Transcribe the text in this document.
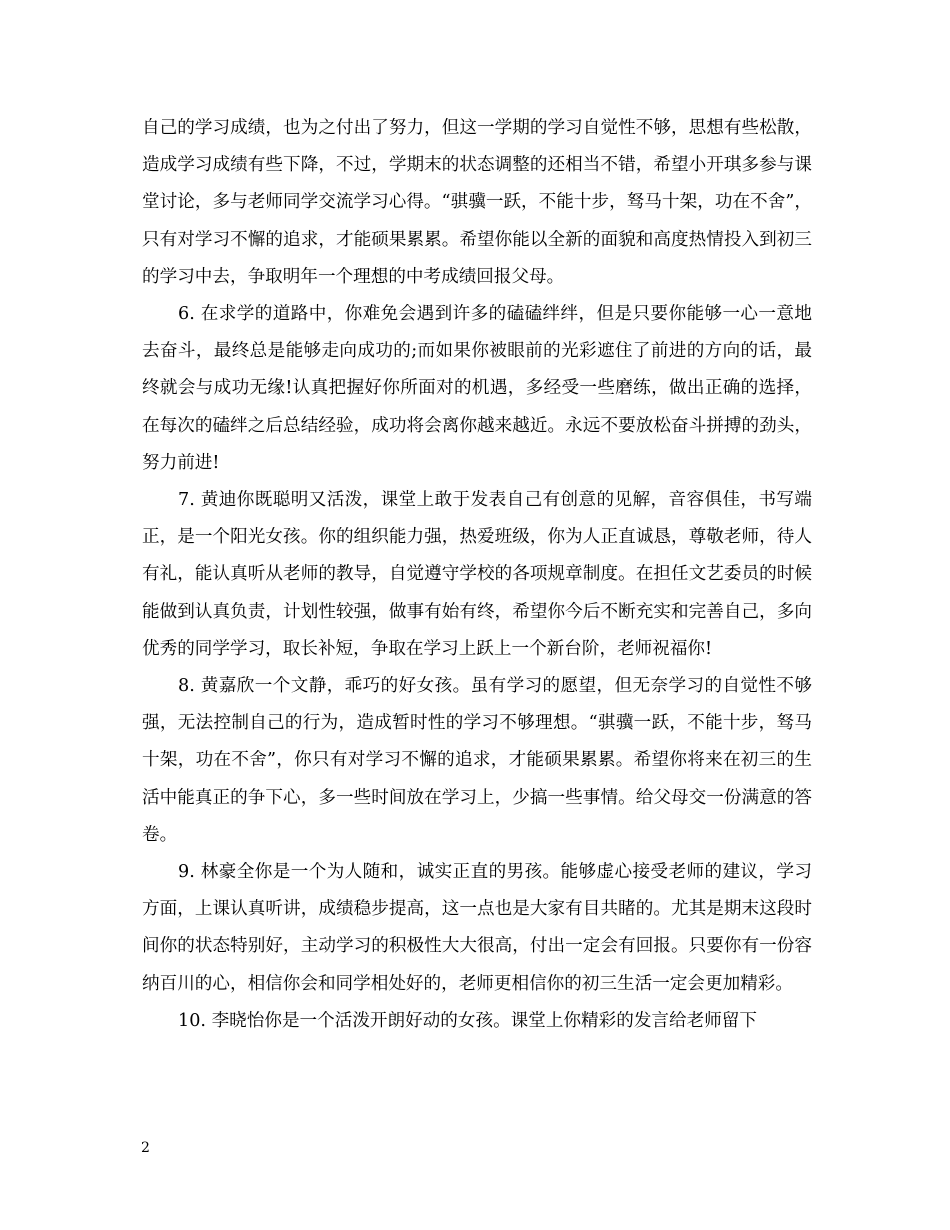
自己的学习成绩，也为之付出了努力，但这一学期的学习自觉性不够，思想有些松散，造成学习成绩有些下降，不过，学期末的状态调整的还相当不错，希望小开琪多参与课堂讨论，多与老师同学交流学习心得。“骐骥一跃，不能十步，驽马十架，功在不舍”，只有对学习不懈的追求，才能硕果累累。希望你能以全新的面貌和高度热情投入到初三的学习中去，争取明年一个理想的中考成绩回报父母。

6. 在求学的道路中，你难免会遇到许多的磕磕绊绊，但是只要你能够一心一意地去奋斗，最终总是能够走向成功的;而如果你被眼前的光彩遮住了前进的方向的话，最终就会与成功无缘!认真把握好你所面对的机遇，多经受一些磨练，做出正确的选择，在每次的磕绊之后总结经验，成功将会离你越来越近。永远不要放松奋斗拼搏的劲头，努力前进!

7. 黄迪你既聪明又活泼，课堂上敢于发表自己有创意的见解，音容俱佳，书写端正，是一个阳光女孩。你的组织能力强，热爱班级，你为人正直诚恳，尊敬老师，待人有礼，能认真听从老师的教导，自觉遵守学校的各项规章制度。在担任文艺委员的时候能做到认真负责，计划性较强，做事有始有终，希望你今后不断充实和完善自己，多向优秀的同学学习，取长补短，争取在学习上跃上一个新台阶，老师祝福你!

8. 黄嘉欣一个文静，乖巧的好女孩。虽有学习的愿望，但无奈学习的自觉性不够强，无法控制自己的行为，造成暂时性的学习不够理想。“骐骥一跃，不能十步，驽马十架，功在不舍”，你只有对学习不懈的追求，才能硕果累累。希望你将来在初三的生活中能真正的争下心，多一些时间放在学习上，少搞一些事情。给父母交一份满意的答卷。

9. 林豪全你是一个为人随和，诚实正直的男孩。能够虚心接受老师的建议，学习方面，上课认真听讲，成绩稳步提高，这一点也是大家有目共睹的。尤其是期末这段时间你的状态特别好，主动学习的积极性大大很高，付出一定会有回报。只要你有一份容纳百川的心，相信你会和同学相处好的，老师更相信你的初三生活一定会更加精彩。

10. 李晓怡你是一个活泼开朗好动的女孩。课堂上你精彩的发言给老师留下

2
